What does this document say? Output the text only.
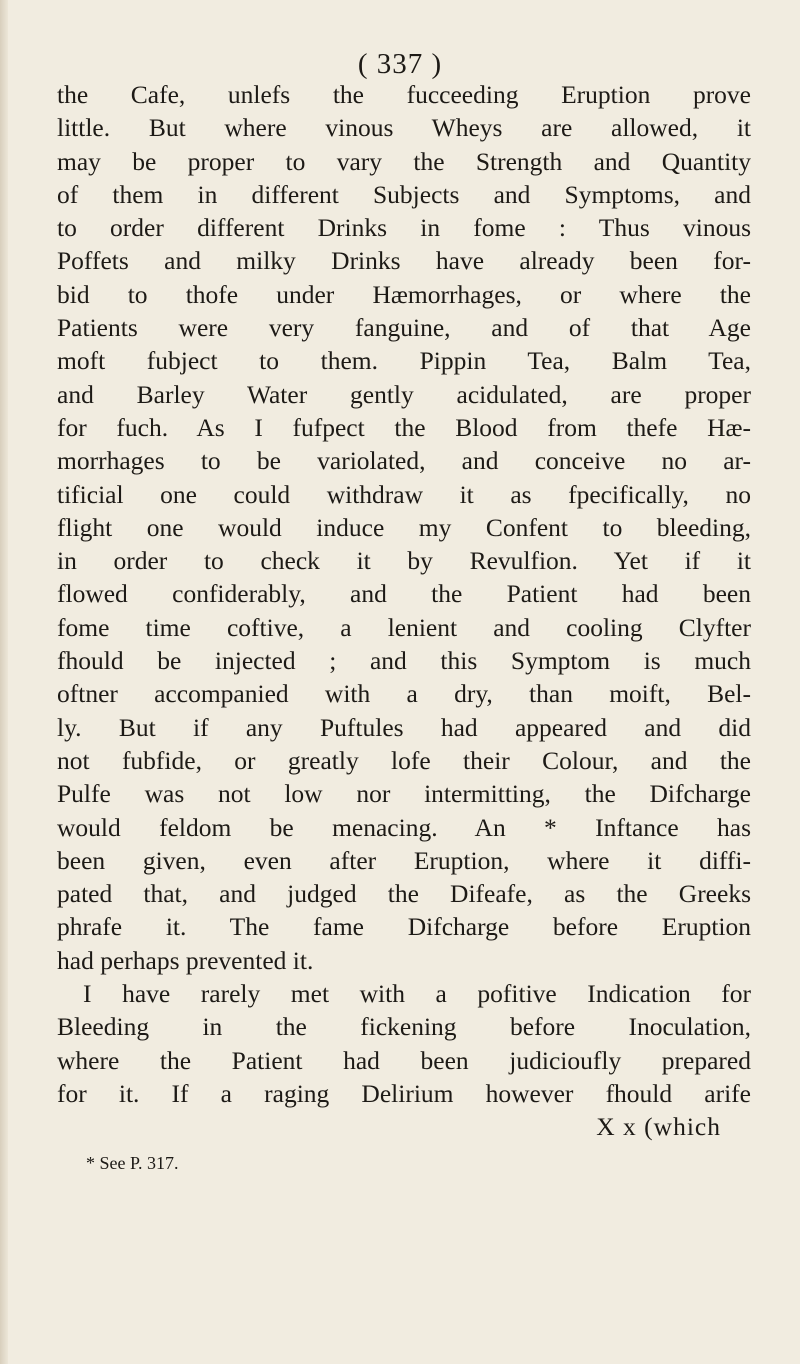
( 337 )
the Cafe, unlefs the fucceeding Eruption prove
little. But where vinous Wheys are allowed, it
may be proper to vary the Strength and Quantity
of them in different Subjects and Symptoms, and
to order different Drinks in fome : Thus vinous
Poffets and milky Drinks have already been for-
bid to thofe under Hæmorrhages, or where the
Patients were very fanguine, and of that Age
moft fubject to them. Pippin Tea, Balm Tea,
and Barley Water gently acidulated, are proper
for fuch. As I fufpect the Blood from thefe Hæ-
morrhages to be variolated, and conceive no ar-
tificial one could withdraw it as fpecifically, no
flight one would induce my Confent to bleeding,
in order to check it by Revulfion. Yet if it
flowed confiderably, and the Patient had been
fome time coftive, a lenient and cooling Clyfter
fhould be injected ; and this Symptom is much
oftner accompanied with a dry, than moift, Bel-
ly. But if any Puftules had appeared and did
not fubfide, or greatly lofe their Colour, and the
Pulfe was not low nor intermitting, the Difcharge
would feldom be menacing. An * Inftance has
been given, even after Eruption, where it diffi-
pated that, and judged the Difeafe, as the Greeks
phrafe it. The fame Difcharge before Eruption
had perhaps prevented it.
I have rarely met with a pofitive Indication for
Bleeding in the fickening before Inoculation,
where the Patient had been judicioufly prepared
for it. If a raging Delirium however fhould arife
X x (which
* See P. 317.
